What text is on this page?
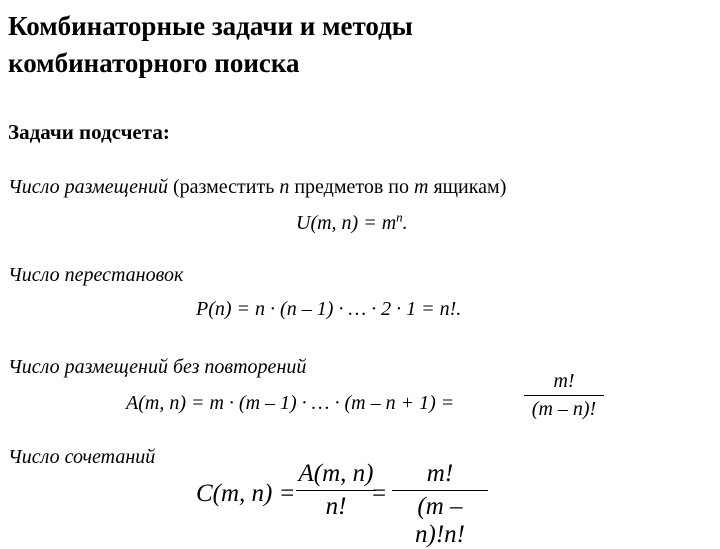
Комбинаторные задачи и методы
комбинаторного поиска
Задачи подсчета:
Число размещений (разместить n предметов по m ящикам)
U(m, $n) = m^n$.
Число перестановок
P(n) = n · (n – 1) · … · 2 · 1 = n!.
Число размещений без повторений
A(m, n) = m · (m – 1) · … · (m – n + 1) =
m!
(m – n)!
Число сочетаний
C(m, n) =
A(m, n)
n!	=
m!
(m – n)!n!
